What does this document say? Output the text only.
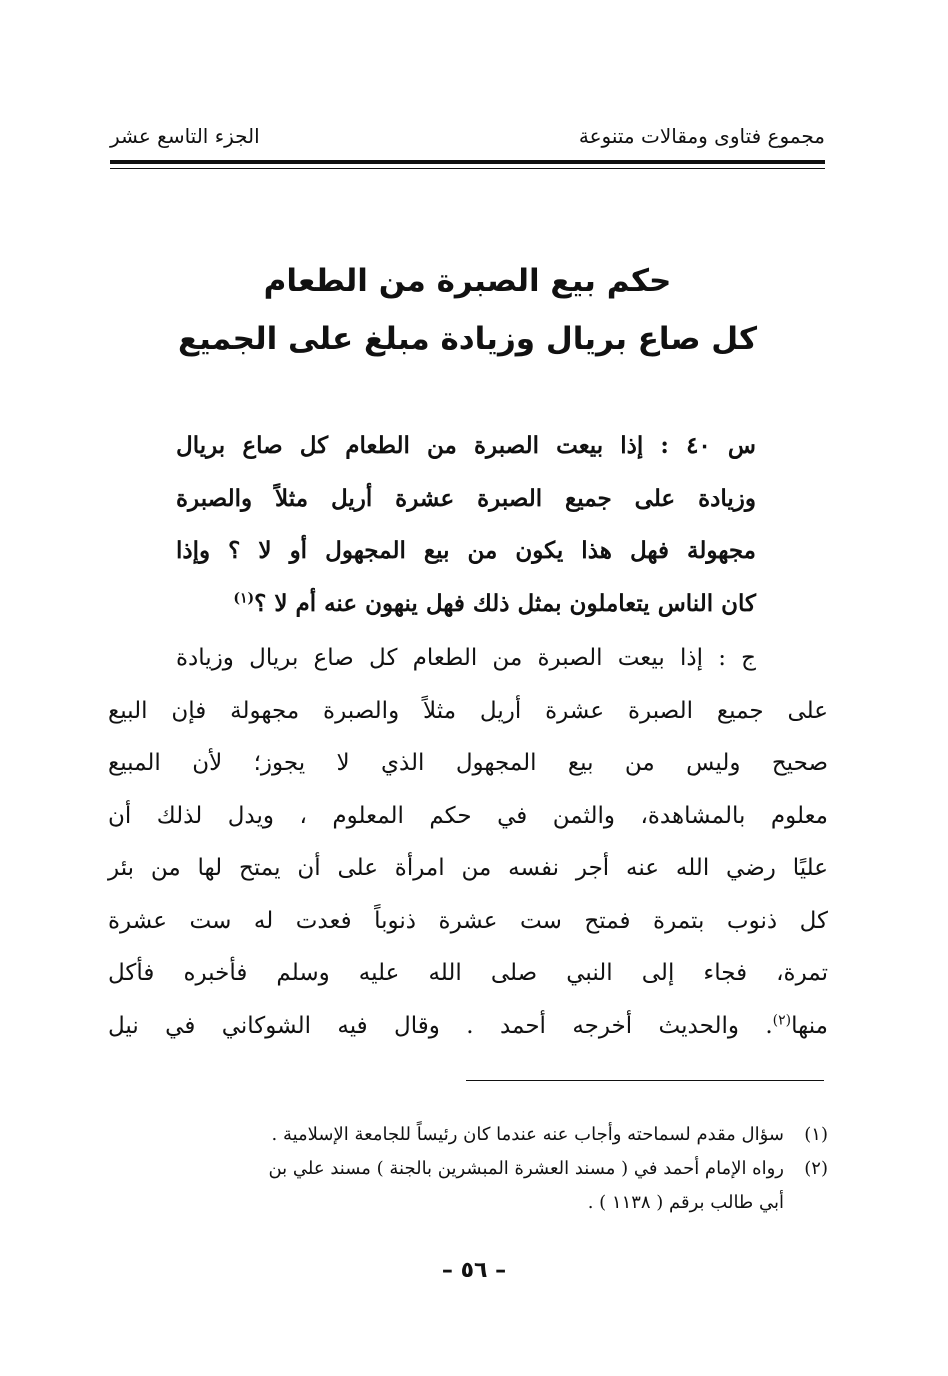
مجموع فتاوى ومقالات متنوعة
الجزء التاسع عشر
حكم بيع الصبرة من الطعام
كل صاع بريال وزيادة مبلغ على الجميع
س ٤٠ : إذا بيعت الصبرة من الطعام كل صاع بريال
وزيادة على جميع الصبرة عشرة أريل مثلاً والصبرة
مجهولة فهل هذا يكون من بيع المجهول أو لا ؟ وإذا
كان الناس يتعاملون بمثل ذلك فهل ينهون عنه أم لا ؟$^{(١)}$
ج : إذا بيعت الصبرة من الطعام كل صاع بريال وزيادة
على جميع الصبرة عشرة أريل مثلاً والصبرة مجهولة فإن البيع
صحيح وليس من بيع المجهول الذي لا يجوز؛ لأن المبيع
معلوم بالمشاهدة، والثمن في حكم المعلوم ، ويدل لذلك أن
عليًا رضي الله عنه أجر نفسه من امرأة على أن يمتح لها من بئر
كل ذنوب بتمرة فمتح ست عشرة ذنوباً فعدت له ست عشرة
تمرة، فجاء إلى النبي صلى الله عليه وسلم فأخبره فأكل
منها$^{(٢)}$. والحديث أخرجه أحمد . وقال فيه الشوكاني في نيل
(١)سؤال مقدم لسماحته وأجاب عنه عندما كان رئيساً للجامعة الإسلامية .
(٢)رواه الإمام أحمد في ( مسند العشرة المبشرين بالجنة ) مسند علي بن
أبي طالب برقم ( ١١٣٨ ) .
– ٥٦ –
